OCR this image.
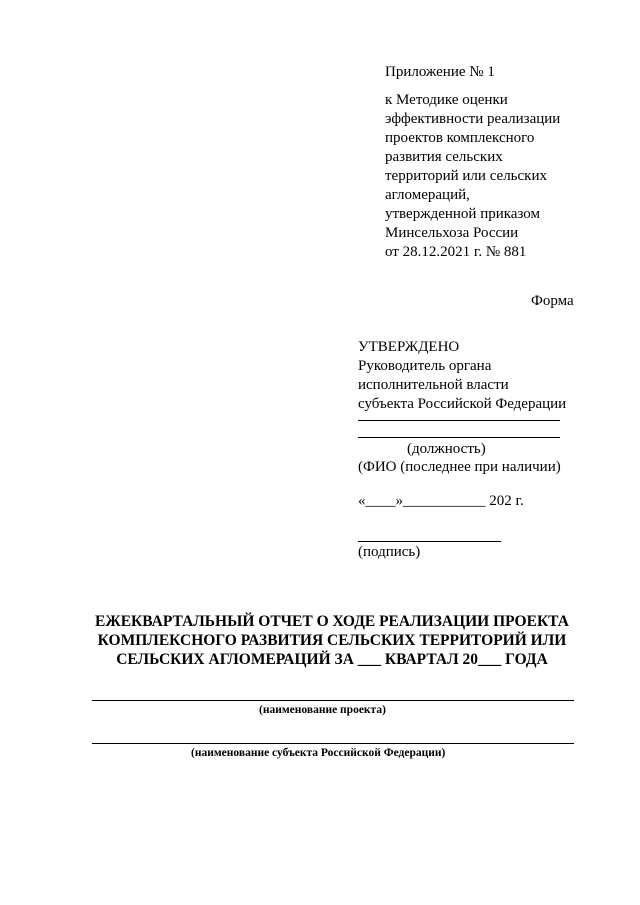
Приложение № 1
к Методике оценки
эффективности реализации
проектов комплексного
развития сельских
территорий или сельских
агломераций,
утвержденной приказом
Минсельхоза России
от 28.12.2021 г. № 881
Форма
УТВЕРЖДЕНО
Руководитель органа
исполнительной власти
субъекта Российской Федерации
(должность)
(ФИО (последнее при наличии)
«____»___________ 202 г.
(подпись)
ЕЖЕКВАРТАЛЬНЫЙ ОТЧЕТ О ХОДЕ РЕАЛИЗАЦИИ ПРОЕКТА
КОМПЛЕКСНОГО РАЗВИТИЯ СЕЛЬСКИХ ТЕРРИТОРИЙ ИЛИ
СЕЛЬСКИХ АГЛОМЕРАЦИЙ ЗА ___ КВАРТАЛ 20___ ГОДА
(наименование проекта)
(наименование субъекта Российской Федерации)
